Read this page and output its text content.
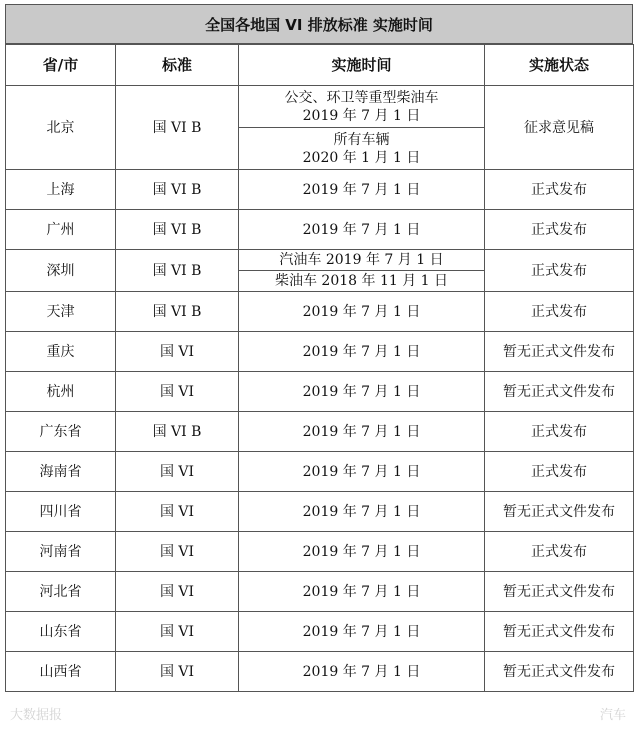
全国各地国 VI 排放标准 实施时间
省/市	标准	实施时间	实施状态
北京	国 VI B	公交、环卫等重型柴油车
2019 年 7 月 1 日
所有车辆
2020 年 1 月 1 日	征求意见稿
上海	国 VI B	2019 年 7 月 1 日	正式发布
广州	国 VI B	2019 年 7 月 1 日	正式发布
深圳	国 VI B	汽油车 2019 年 7 月 1 日
柴油车 2018 年 11 月 1 日	正式发布
天津	国 VI B	2019 年 7 月 1 日	正式发布
重庆	国 VI	2019 年 7 月 1 日	暂无正式文件发布
杭州	国 VI	2019 年 7 月 1 日	暂无正式文件发布
广东省	国 VI B	2019 年 7 月 1 日	正式发布
海南省	国 VI	2019 年 7 月 1 日	正式发布
四川省	国 VI	2019 年 7 月 1 日	暂无正式文件发布
河南省	国 VI	2019 年 7 月 1 日	正式发布
河北省	国 VI	2019 年 7 月 1 日	暂无正式文件发布
山东省	国 VI	2019 年 7 月 1 日	暂无正式文件发布
山西省	国 VI	2019 年 7 月 1 日	暂无正式文件发布
大数据报	汽车
